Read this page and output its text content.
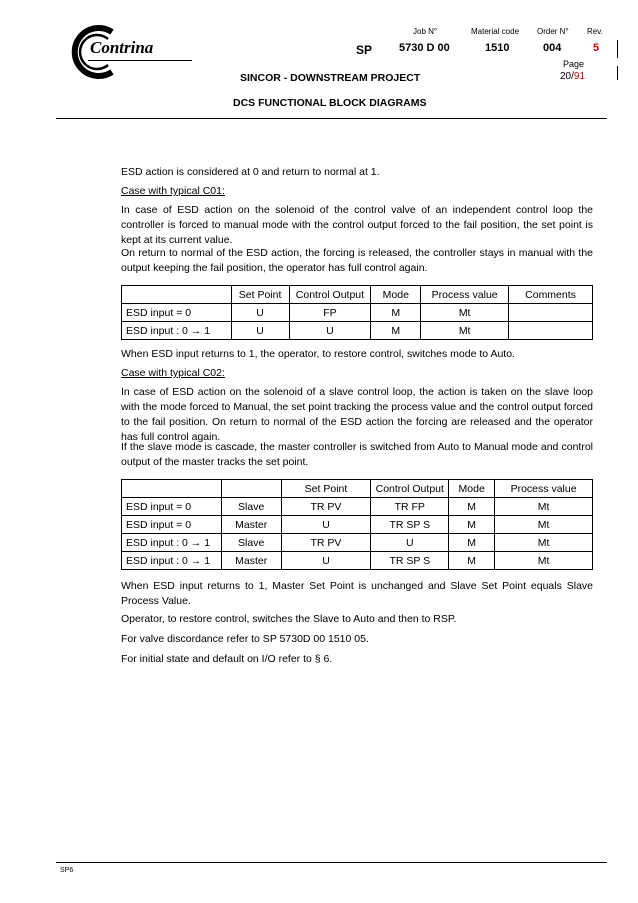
Contrina
Job N°	Material code Order N° Rev.
SP 5730 D 00	1510	004	5
Page
20/91
SINCOR - DOWNSTREAM PROJECT
DCS FUNCTIONAL BLOCK DIAGRAMS
ESD action is considered at 0 and return to normal at 1.
Case with typical C01:
In case of ESD action on the solenoid of the control valve of an independent control loop the controller is forced to manual mode with the control output forced to the fail position, the set point is kept at its current value.
On return to normal of the ESD action, the forcing is released, the controller stays in manual with the output keeping the fail position, the operator has full control again.
	Set Point	Control Output	Mode	Process value	Comments
ESD input = 0	U	FP	M	Mt	
ESD input : 0 → 1	U	U	M	Mt	
When ESD input returns to 1, the operator, to restore control, switches mode to Auto.
Case with typical C02:
In case of ESD action on the solenoid of a slave control loop, the action is taken on the slave loop with the mode forced to Manual, the set point tracking the process value and the control output forced to the fail position. On return to normal of the ESD action the forcing are released and the operator has full control again.
If the slave mode is cascade, the master controller is switched from Auto to Manual mode and control output of the master tracks the set point.
		Set Point	Control Output	Mode	Process value
ESD input = 0	Slave	TR PV	TR FP	M	Mt
ESD input = 0	Master	U	TR SP S	M	Mt
ESD input : 0 → 1	Slave	TR PV	U	M	Mt
ESD input : 0 → 1	Master	U	TR SP S	M	Mt
When ESD input returns to 1, Master Set Point is unchanged and Slave Set Point equals Slave Process Value.
Operator, to restore control, switches the Slave to Auto and then to RSP.
For valve discordance refer to SP 5730D 00 1510 05.
For initial state and default on I/O refer to § 6.
SP6
